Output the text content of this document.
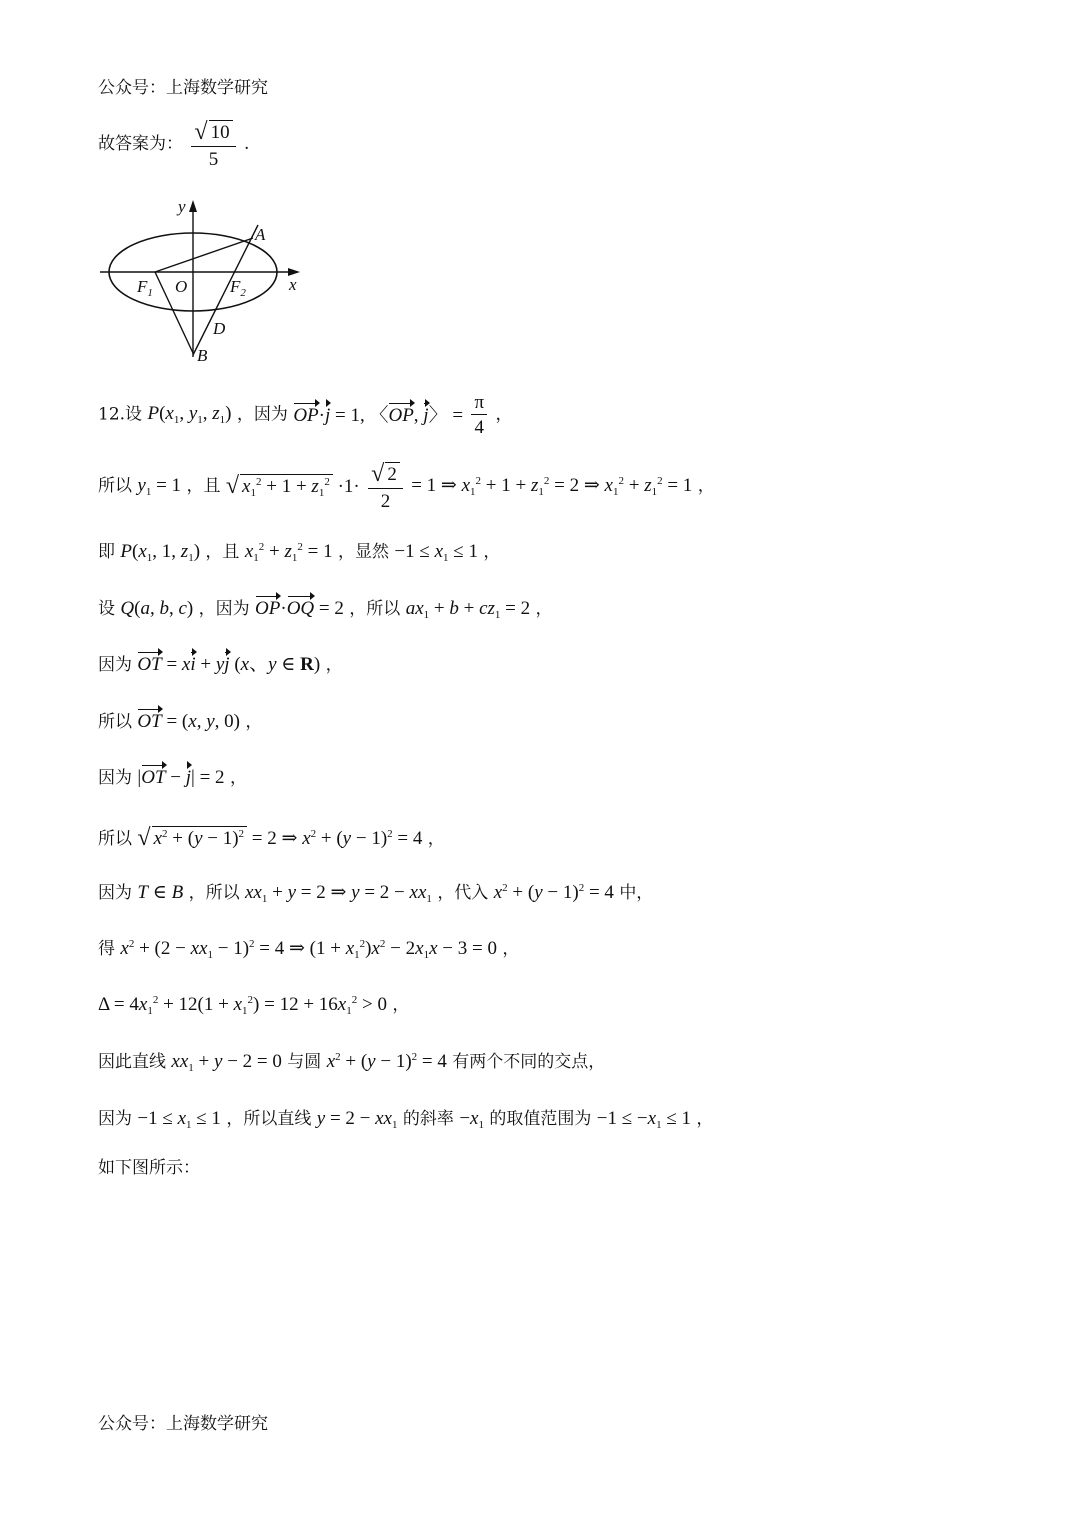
公众号：上海数学研究
故答案为： $\frac{√ 10}{5}$ .
y
x
A
$F_1$ O	$F_2$
D
B
12.设 $P(x_1$, $y_1$, $z_1$) ，因为 OP·j = 1, 〈OP, j〉 = $\frac{\pi}{4}$ ，
所以 $y_1 = 1$ ，且 √ $x_1^2 + 1 + z_1^2 \cdot 1\cdot \frac{√ 2}{2} = 1$ ⇒ $x_1^2 + 1 + z_1^2 = 2$ ⇒ $x_1^2 + z_1^2 = 1$ ，
即 $P(x_1$, 1, $z_1$) ，且 $x_1^2 + z_1^2 = 1$ ，显然 $-1 \le x_1 \le 1$ ，
设 Q(a, b, c) ，因为 OP·OQ = 2 ，所以 $ax_1 + b + cz_1 = 2$ ，
因为 OT = xi + yj (x、y ∈ R) ，
所以 OT = (x, y, 0) ，
因为 |OT − j| = 2 ，
所以 √ $x^2 + (y - 1)^2 = 2$ ⇒ $x^2 + (y - 1)^2 = 4$ ，
因为 T ∈ B ，所以 $xx_1 + y = 2$ ⇒ $y = 2 - xx_1$ ，代入 $x^2 + (y - 1)^2 = 4$ 中，
得 $x^2 + (2 - xx_1 - 1)^2 = 4$ ⇒ $(1 + x_1^2)x^2 - 2x_1x - 3 = 0$ ，
$\Delta = 4x_1^2 + 12(1 + x_1^2) = 12 + 16x_1^2 > 0$ ，
因此直线 $xx_1 + y - 2 = 0$ 与圆 $x^2 + (y - 1)^2 = 4$ 有两个不同的交点，
因为 $-1 \le x_1 \le 1$ ，所以直线 $y = 2 - xx_1$ 的斜率 $-x_1$ 的取值范围为 $-1 \le -x_1 \le 1$ ，
如下图所示：
公众号：上海数学研究
